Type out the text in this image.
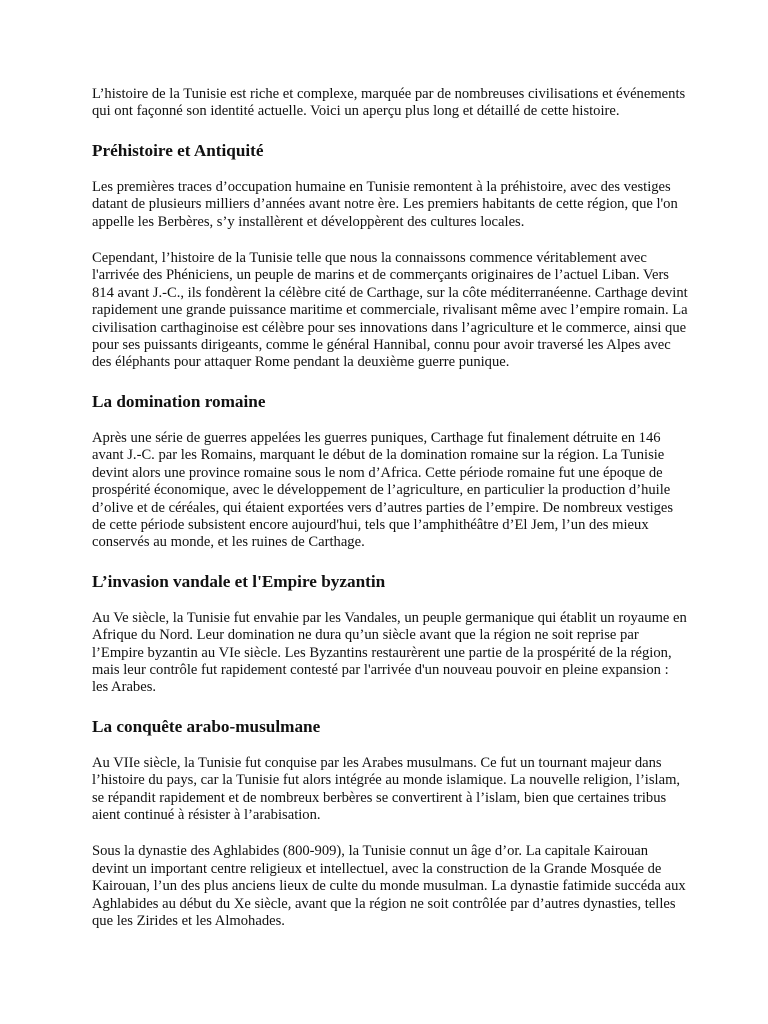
L’histoire de la Tunisie est riche et complexe, marquée par de nombreuses civilisations et événements qui ont façonné son identité actuelle. Voici un aperçu plus long et détaillé de cette histoire.

Préhistoire et Antiquité

Les premières traces d’occupation humaine en Tunisie remontent à la préhistoire, avec des vestiges datant de plusieurs milliers d’années avant notre ère. Les premiers habitants de cette région, que l'on appelle les Berbères, s’y installèrent et développèrent des cultures locales.

Cependant, l’histoire de la Tunisie telle que nous la connaissons commence véritablement avec l'arrivée des Phéniciens, un peuple de marins et de commerçants originaires de l’actuel Liban. Vers 814 avant J.-C., ils fondèrent la célèbre cité de Carthage, sur la côte méditerranéenne. Carthage devint rapidement une grande puissance maritime et commerciale, rivalisant même avec l’empire romain. La civilisation carthaginoise est célèbre pour ses innovations dans l’agriculture et le commerce, ainsi que pour ses puissants dirigeants, comme le général Hannibal, connu pour avoir traversé les Alpes avec des éléphants pour attaquer Rome pendant la deuxième guerre punique.

La domination romaine

Après une série de guerres appelées les guerres puniques, Carthage fut finalement détruite en 146 avant J.-C. par les Romains, marquant le début de la domination romaine sur la région. La Tunisie devint alors une province romaine sous le nom d’Africa. Cette période romaine fut une époque de prospérité économique, avec le développement de l’agriculture, en particulier la production d’huile d’olive et de céréales, qui étaient exportées vers d’autres parties de l’empire. De nombreux vestiges de cette période subsistent encore aujourd'hui, tels que l’amphithéâtre d’El Jem, l’un des mieux conservés au monde, et les ruines de Carthage.

L’invasion vandale et l'Empire byzantin

Au Ve siècle, la Tunisie fut envahie par les Vandales, un peuple germanique qui établit un royaume en Afrique du Nord. Leur domination ne dura qu’un siècle avant que la région ne soit reprise par l’Empire byzantin au VIe siècle. Les Byzantins restaurèrent une partie de la prospérité de la région, mais leur contrôle fut rapidement contesté par l'arrivée d'un nouveau pouvoir en pleine expansion : les Arabes.

La conquête arabo-musulmane

Au VIIe siècle, la Tunisie fut conquise par les Arabes musulmans. Ce fut un tournant majeur dans l’histoire du pays, car la Tunisie fut alors intégrée au monde islamique. La nouvelle religion, l’islam, se répandit rapidement et de nombreux berbères se convertirent à l’islam, bien que certaines tribus aient continué à résister à l’arabisation.

Sous la dynastie des Aghlabides (800-909), la Tunisie connut un âge d’or. La capitale Kairouan devint un important centre religieux et intellectuel, avec la construction de la Grande Mosquée de Kairouan, l’un des plus anciens lieux de culte du monde musulman. La dynastie fatimide succéda aux Aghlabides au début du Xe siècle, avant que la région ne soit contrôlée par d’autres dynasties, telles que les Zirides et les Almohades.
